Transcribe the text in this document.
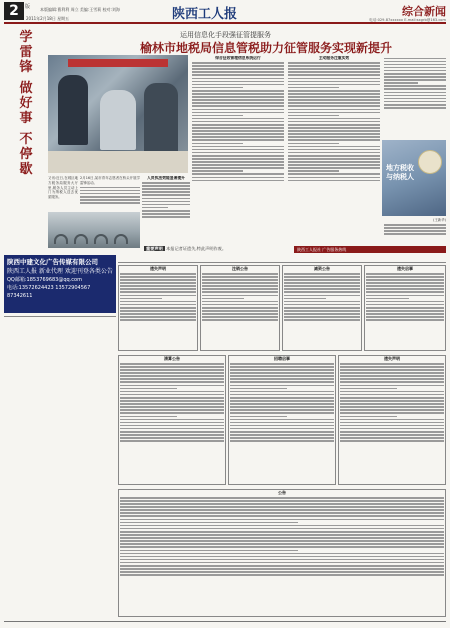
2	版 本版编辑:曹利利 周立 美编:王雪莉 校对:刘海
2011年2月18日 星期五	陕西工人报	综合新闻
电话:029-87xxxxxx E-mail:sxgrb@163.com
学
雷
锋
做
好
事
不
停
歇
运用信息化手段强征管提服务
榆林市地税局信息管税助力征管服务实现新提升
又讯:近日,在城区地方税务局服务大厅里,税务人员主动上门为纳税人送去优质服务。
2月16日,某市青年志愿者在桥头开展学雷锋活动。

综合征收管理信息系统运行	主动服务注重实效

人员执法效能显著提升

(王新华)

地方税收
与纳税人
重要声明 本报记者证遗失,特此声明作废。	陕西工人报社 广告服务热线
陕西中建文化广告传媒有限公司
陕西工人报 新业代理 欢迎刊登各类公告
QQ邮箱:1853769683@qq.com
电话:13572624423 13572904567 87342611
遗失声明	注销公告	减资公告	遗失启事
清算公告	招聘启事	遗失声明
公告
